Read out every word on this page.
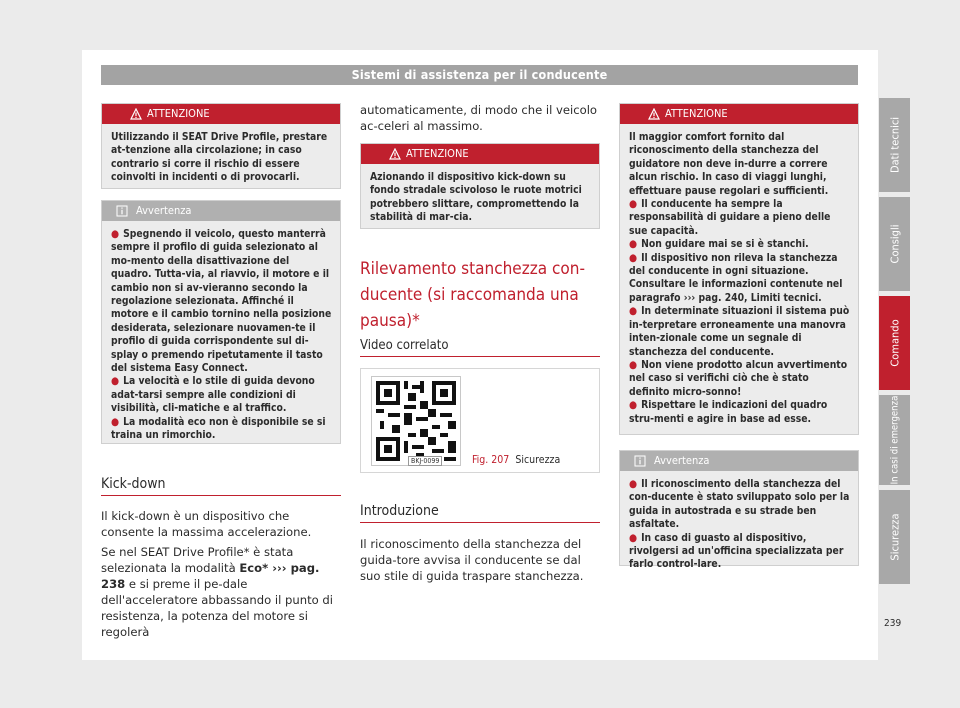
Sistemi di assistenza per il conducente
ATTENZIONE
Utilizzando il SEAT Drive Profile, prestare at-tenzione alla circolazione; in caso contrario si corre il rischio di essere coinvolti in incidenti o di provocarli.
Avvertenza
● Spegnendo il veicolo, questo manterrà sempre il profilo di guida selezionato al mo-mento della disattivazione del quadro. Tutta-via, al riavvio, il motore e il cambio non si av-vieranno secondo la regolazione selezionata. Affinché il motore e il cambio tornino nella posizione desiderata, selezionare nuovamen-te il profilo di guida corrispondente sul di-splay o premendo ripetutamente il tasto del sistema Easy Connect.
● La velocità e lo stile di guida devono adat-tarsi sempre alle condizioni di visibilità, cli-matiche e al traffico.
● La modalità eco non è disponibile se si traina un rimorchio.
Kick-down
Il kick-down è un dispositivo che consente la massima accelerazione.
Se nel SEAT Drive Profile* è stata selezionata la modalità Eco* ››› pag. 238 e si preme il pe-dale dell'acceleratore abbassando il punto di resistenza, la potenza del motore si regolerà
automaticamente, di modo che il veicolo ac-celeri al massimo.
ATTENZIONE
Azionando il dispositivo kick-down su fondo stradale scivoloso le ruote motrici potrebbero slittare, compromettendo la stabilità di mar-cia.
Rilevamento stanchezza con-ducente (si raccomanda una pausa)*
Video correlato
BKJ-0099	Fig. 207 Sicurezza
Introduzione
Il riconoscimento della stanchezza del guida-tore avvisa il conducente se dal suo stile di guida traspare stanchezza.
ATTENZIONE
Il maggior comfort fornito dal riconoscimento della stanchezza del guidatore non deve in-durre a correre alcun rischio. In caso di viaggi lunghi, effettuare pause regolari e sufficienti.
● Il conducente ha sempre la responsabilità di guidare a pieno delle sue capacità.
● Non guidare mai se si è stanchi.
● Il dispositivo non rileva la stanchezza del conducente in ogni situazione. Consultare le informazioni contenute nel paragrafo ››› pag. 240, Limiti tecnici.
● In determinate situazioni il sistema può in-terpretare erroneamente una manovra inten-zionale come un segnale di stanchezza del conducente.
● Non viene prodotto alcun avvertimento nel caso si verifichi ciò che è stato definito micro-sonno!
● Rispettare le indicazioni del quadro stru-menti e agire in base ad esse.
Avvertenza
● Il riconoscimento della stanchezza del con-ducente è stato sviluppato solo per la guida in autostrada e su strade ben asfaltate.
● In caso di guasto al dispositivo, rivolgersi ad un'officina specializzata per farlo control-lare.
Dati tecnici
Consigli
Comando
In casi di emergenza
Sicurezza
239
